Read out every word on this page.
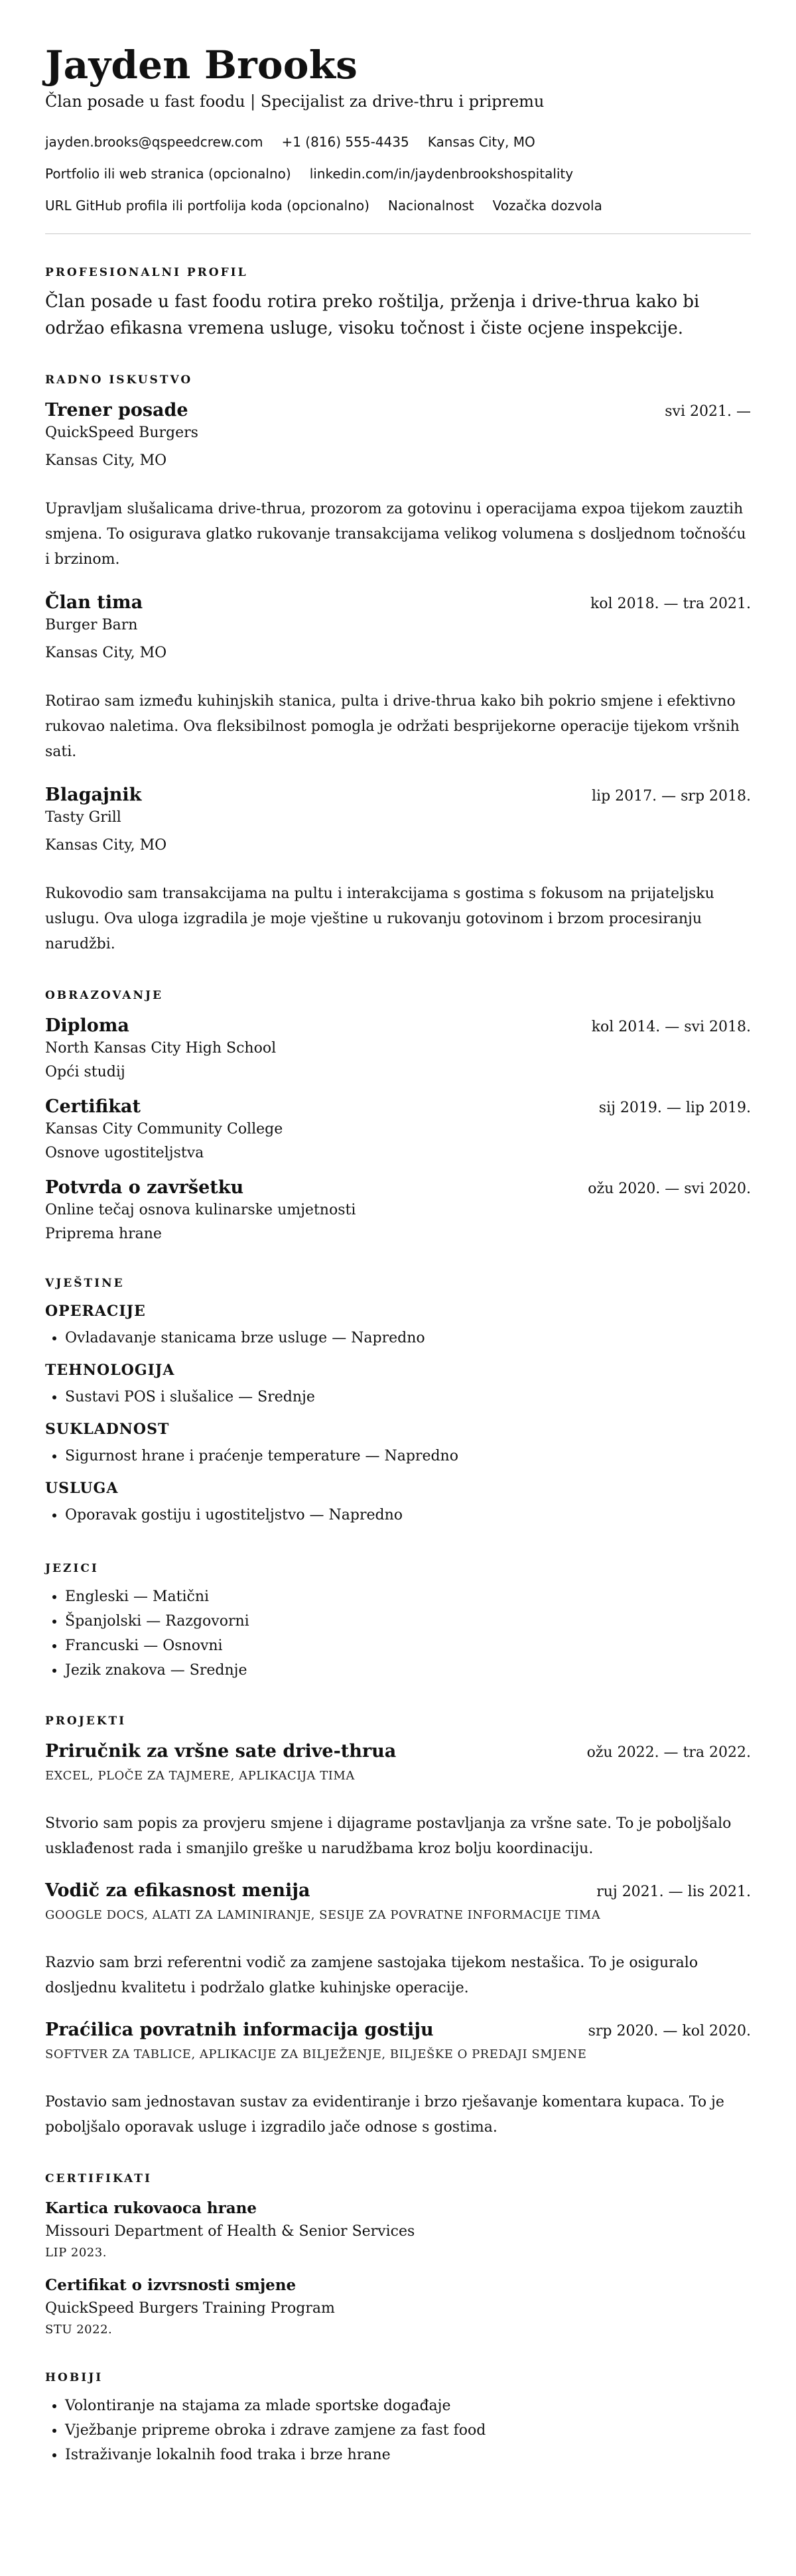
Jayden Brooks
Član posade u fast foodu | Specijalist za drive-thru i pripremu
jayden.brooks@qspeedcrew.com +1 (816) 555-4435 Kansas City, MO
Portfolio ili web stranica (opcionalno) linkedin.com/in/jaydenbrookshospitality
URL GitHub profila ili portfolija koda (opcionalno) Nacionalnost Vozačka dozvola
PROFESIONALNI PROFIL

Član posade u fast foodu rotira preko roštilja, prženja i drive-thrua kako bi održao efikasna vremena usluge, visoku točnost i čiste ocjene inspekcije.

RADNO ISKUSTVO
Trener posade	svi 2021. —
QuickSpeed Burgers
Kansas City, MO

Upravljam slušalicama drive-thrua, prozorom za gotovinu i operacijama expoa tijekom zauztih smjena. To osigurava glatko rukovanje transakcijama velikog volumena s dosljednom točnošću i brzinom.

Član tima	kol 2018. — tra 2021.
Burger Barn
Kansas City, MO

Rotirao sam između kuhinjskih stanica, pulta i drive-thrua kako bih pokrio smjene i efektivno rukovao naletima. Ova fleksibilnost pomogla je održati besprijekorne operacije tijekom vršnih sati.

Blagajnik	lip 2017. — srp 2018.
Tasty Grill
Kansas City, MO

Rukovodio sam transakcijama na pultu i interakcijama s gostima s fokusom na prijateljsku uslugu. Ova uloga izgradila je moje vještine u rukovanju gotovinom i brzom procesiranju narudžbi.

OBRAZOVANJE
Diploma	kol 2014. — svi 2018.
North Kansas City High School
Opći studij
Certifikat	sij 2019. — lip 2019.
Kansas City Community College
Osnove ugostiteljstva
Potvrda o završetku	ožu 2020. — svi 2020.
Online tečaj osnova kulinarske umjetnosti
Priprema hrane
VJEŠTINE
OPERACIJE
• Ovladavanje stanicama brze usluge — Napredno
TEHNOLOGIJA
• Sustavi POS i slušalice — Srednje
SUKLADNOST
• Sigurnost hrane i praćenje temperature — Napredno
USLUGA
• Oporavak gostiju i ugostiteljstvo — Napredno
JEZICI
• Engleski — Matični
• Španjolski — Razgovorni
• Francuski — Osnovni
• Jezik znakova — Srednje
PROJEKTI
Priručnik za vršne sate drive-thrua	ožu 2022. — tra 2022.
EXCEL, PLOČE ZA TAJMERE, APLIKACIJA TIMA

Stvorio sam popis za provjeru smjene i dijagrame postavljanja za vršne sate. To je poboljšalo usklađenost rada i smanjilo greške u narudžbama kroz bolju koordinaciju.

Vodič za efikasnost menija	ruj 2021. — lis 2021.
GOOGLE DOCS, ALATI ZA LAMINIRANJE, SESIJE ZA POVRATNE INFORMACIJE TIMA

Razvio sam brzi referentni vodič za zamjene sastojaka tijekom nestašica. To je osiguralo dosljednu kvalitetu i podržalo glatke kuhinjske operacije.

Praćilica povratnih informacija gostiju	srp 2020. — kol 2020.
SOFTVER ZA TABLICE, APLIKACIJE ZA BILJEŽENJE, BILJEŠKE O PREDAJI SMJENE

Postavio sam jednostavan sustav za evidentiranje i brzo rješavanje komentara kupaca. To je poboljšalo oporavak usluge i izgradilo jače odnose s gostima.

CERTIFIKATI
Kartica rukovaoca hrane
Missouri Department of Health & Senior Services
LIP 2023.
Certifikat o izvrsnosti smjene
QuickSpeed Burgers Training Program
STU 2022.
HOBIJI
• Volontiranje na stajama za mlade sportske događaje
• Vježbanje pripreme obroka i zdrave zamjene za fast food
• Istraživanje lokalnih food traka i brze hrane
